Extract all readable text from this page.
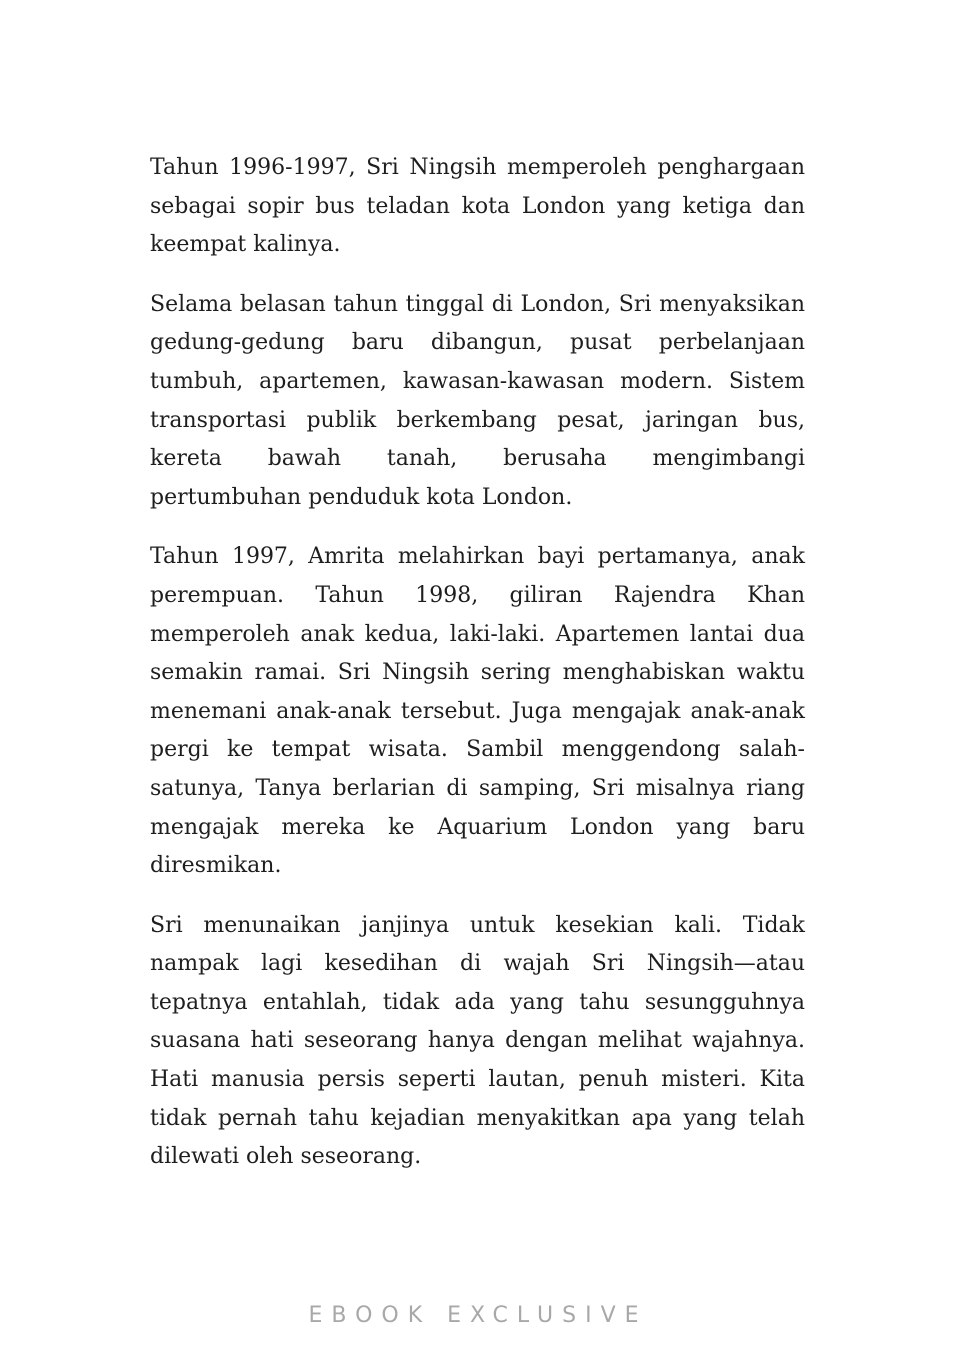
Tahun 1996-1997, Sri Ningsih memperoleh penghargaan sebagai sopir bus teladan kota London yang ketiga dan keempat kalinya.

Selama belasan tahun tinggal di London, Sri menyaksikan gedung-gedung baru dibangun, pusat perbelanjaan tumbuh, apartemen, kawasan-kawasan modern. Sistem transportasi publik berkembang pesat, jaringan bus, kereta bawah tanah, berusaha mengimbangi pertumbuhan penduduk kota London.

Tahun 1997, Amrita melahirkan bayi pertamanya, anak perempuan. Tahun 1998, giliran Rajendra Khan memperoleh anak kedua, laki-laki. Apartemen lantai dua semakin ramai. Sri Ningsih sering menghabiskan waktu menemani anak-anak tersebut. Juga mengajak anak-anak pergi ke tempat wisata. Sambil menggendong salah-satunya, Tanya berlarian di samping, Sri misalnya riang mengajak mereka ke Aquarium London yang baru diresmikan.

Sri menunaikan janjinya untuk kesekian kali. Tidak nampak lagi kesedihan di wajah Sri Ningsih—atau tepatnya entahlah, tidak ada yang tahu sesungguhnya suasana hati seseorang hanya dengan melihat wajahnya. Hati manusia persis seperti lautan, penuh misteri. Kita tidak pernah tahu kejadian menyakitkan apa yang telah dilewati oleh seseorang.

EBOOK EXCLUSIVE
